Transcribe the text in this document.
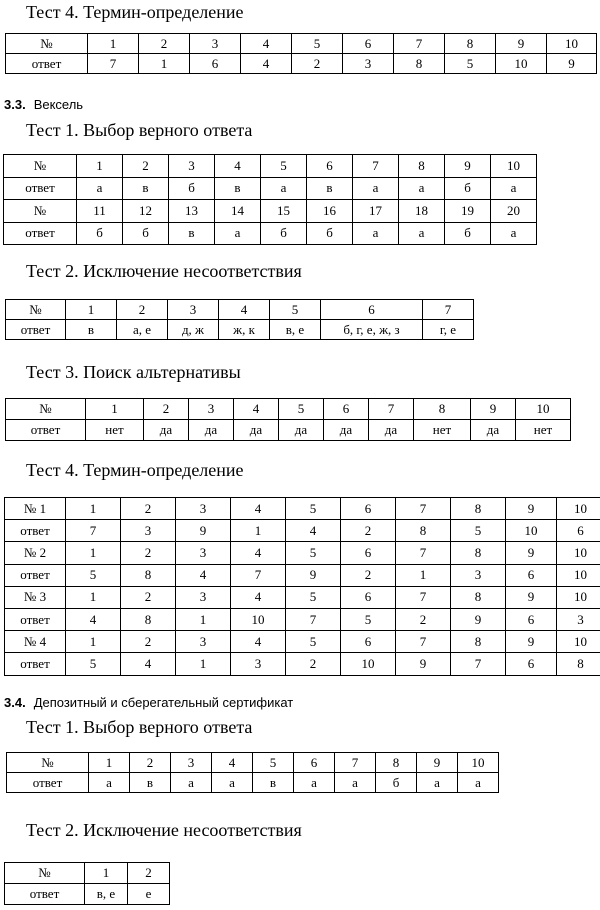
Тест 4. Термин-определение
№	1	2	3	4	5	6	7	8	9	10
ответ	7	1	6	4	2	3	8	5	10	9
3.3. Вексель
Тест 1. Выбор верного ответа
№	1	2	3	4	5	6	7	8	9	10
ответ	а	в	б	в	а	в	а	а	б	а
№	11	12	13	14	15	16	17	18	19	20
ответ	б	б	в	а	б	б	а	а	б	а
Тест 2. Исключение несоответствия
№	1	2	3	4	5	6	7
ответ	в	а, е	д, ж	ж, к	в, е	б, г, е, ж, з	г, е
Тест 3. Поиск альтернативы
№	1	2	3	4	5	6	7	8	9	10
ответ	нет	да	да	да	да	да	да	нет	да	нет
Тест 4. Термин-определение
№ 1	1	2	3	4	5	6	7	8	9	10
ответ	7	3	9	1	4	2	8	5	10	6
№ 2	1	2	3	4	5	6	7	8	9	10
ответ	5	8	4	7	9	2	1	3	6	10
№ 3	1	2	3	4	5	6	7	8	9	10
ответ	4	8	1	10	7	5	2	9	6	3
№ 4	1	2	3	4	5	6	7	8	9	10
ответ	5	4	1	3	2	10	9	7	6	8
3.4. Депозитный и сберегательный сертификат
Тест 1. Выбор верного ответа
№	1	2	3	4	5	6	7	8	9	10
ответ	а	в	а	а	в	а	а	б	а	а
Тест 2. Исключение несоответствия
№	1	2
ответ	в, е	е
